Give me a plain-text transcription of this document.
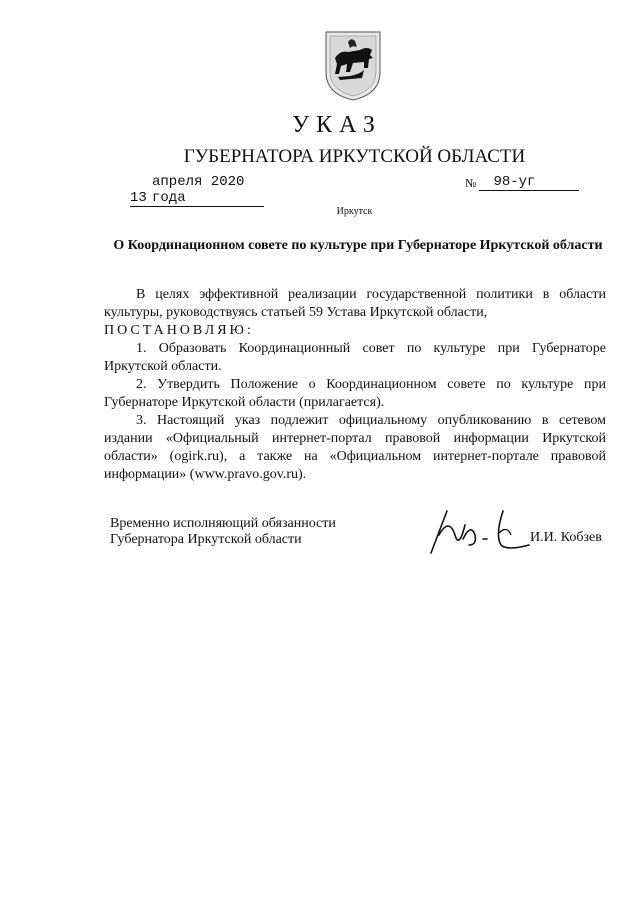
УКАЗ
ГУБЕРНАТОРА ИРКУТСКОЙ ОБЛАСТИ
13апреля 2020 года
№ 98-уг
Иркутск
О Координационном совете по культуре при Губернаторе Иркутской области

В целях эффективной реализации государственной политики в области культуры, руководствуясь статьей 59 Устава Иркутской области,

ПОСТАНОВЛЯЮ:

1. Образовать Координационный совет по культуре при Губернаторе Иркутской области.

2. Утвердить Положение о Координационном совете по культуре при Губернаторе Иркутской области (прилагается).

3. Настоящий указ подлежит официальному опубликованию в сетевом издании «Официальный интернет-портал правовой информации Иркутской области» (ogirk.ru), а также на «Официальном интернет-портале правовой информации» (www.pravo.gov.ru).

Временно исполняющий обязанности
Губернатора Иркутской области	И.И. Кобзев
